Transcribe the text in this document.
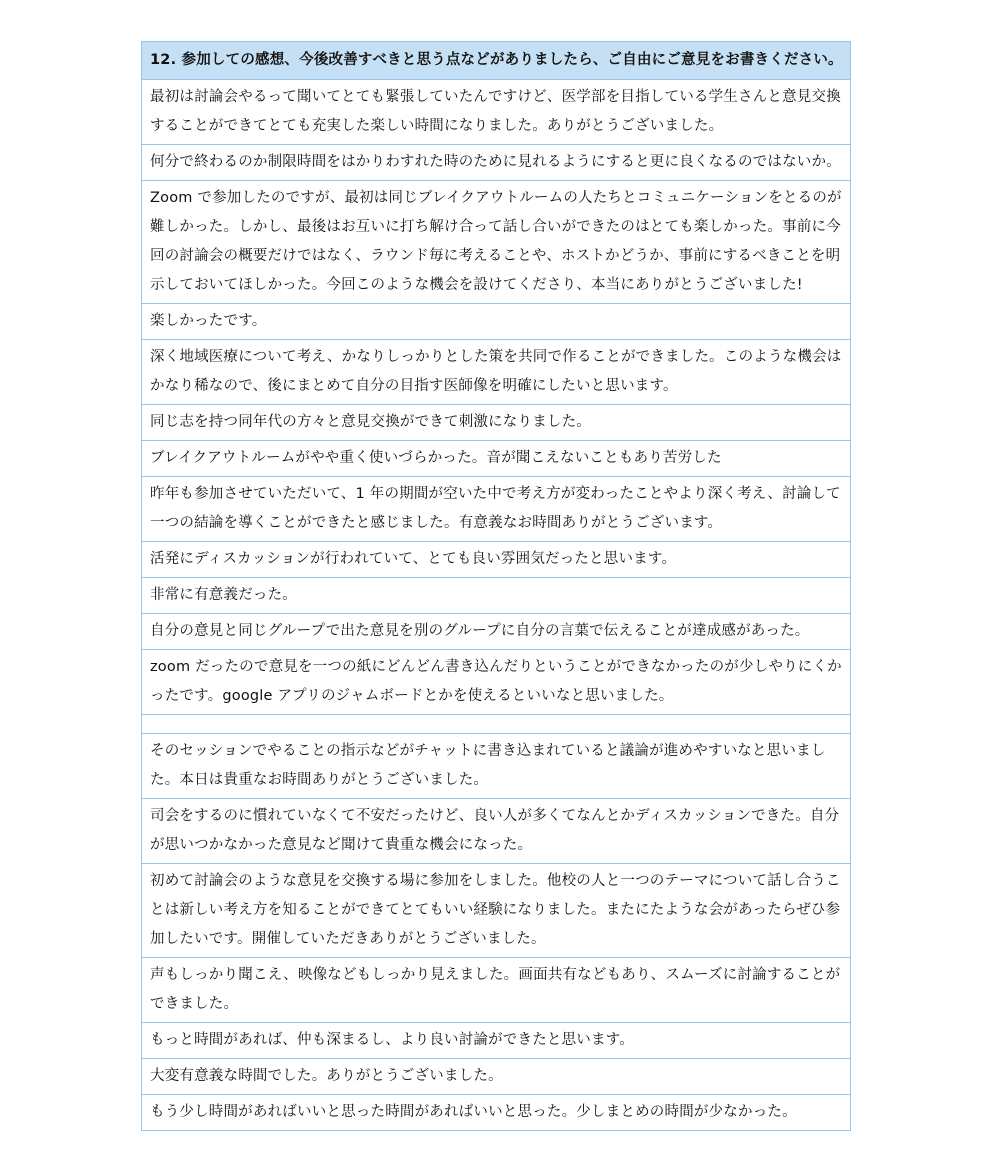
12. 参加しての感想、今後改善すべきと思う点などがありましたら、ご自由にご意見をお書きください。
最初は討論会やるって聞いてとても緊張していたんですけど、医学部を目指している学生さんと意見交換することができてとても充実した楽しい時間になりました。ありがとうございました。
何分で終わるのか制限時間をはかりわすれた時のために見れるようにすると更に良くなるのではないか。
Zoom で参加したのですが、最初は同じブレイクアウトルームの人たちとコミュニケーションをとるのが難しかった。しかし、最後はお互いに打ち解け合って話し合いができたのはとても楽しかった。事前に今回の討論会の概要だけではなく、ラウンド毎に考えることや、ホストかどうか、事前にするべきことを明示しておいてほしかった。今回このような機会を設けてくださり、本当にありがとうございました!
楽しかったです。
深く地域医療について考え、かなりしっかりとした策を共同で作ることができました。このような機会はかなり稀なので、後にまとめて自分の目指す医師像を明確にしたいと思います。
同じ志を持つ同年代の方々と意見交換ができて刺激になりました。
ブレイクアウトルームがやや重く使いづらかった。音が聞こえないこともあり苦労した
昨年も参加させていただいて、1 年の期間が空いた中で考え方が変わったことやより深く考え、討論して一つの結論を導くことができたと感じました。有意義なお時間ありがとうございます。
活発にディスカッションが行われていて、とても良い雰囲気だったと思います。
非常に有意義だった。
自分の意見と同じグループで出た意見を別のグループに自分の言葉で伝えることが達成感があった。
zoom だったので意見を一つの紙にどんどん書き込んだりということができなかったのが少しやりにくかったです。google アプリのジャムボードとかを使えるといいなと思いました。

そのセッションでやることの指示などがチャットに書き込まれていると議論が進めやすいなと思いました。本日は貴重なお時間ありがとうございました。
司会をするのに慣れていなくて不安だったけど、良い人が多くてなんとかディスカッションできた。自分が思いつかなかった意見など聞けて貴重な機会になった。
初めて討論会のような意見を交換する場に参加をしました。他校の人と一つのテーマについて話し合うことは新しい考え方を知ることができてとてもいい経験になりました。またにたような会があったらぜひ参加したいです。開催していただきありがとうございました。
声もしっかり聞こえ、映像などもしっかり見えました。画面共有などもあり、スムーズに討論することができました。
もっと時間があれば、仲も深まるし、より良い討論ができたと思います。
大変有意義な時間でした。ありがとうございました。
もう少し時間があればいいと思った時間があればいいと思った。少しまとめの時間が少なかった。
